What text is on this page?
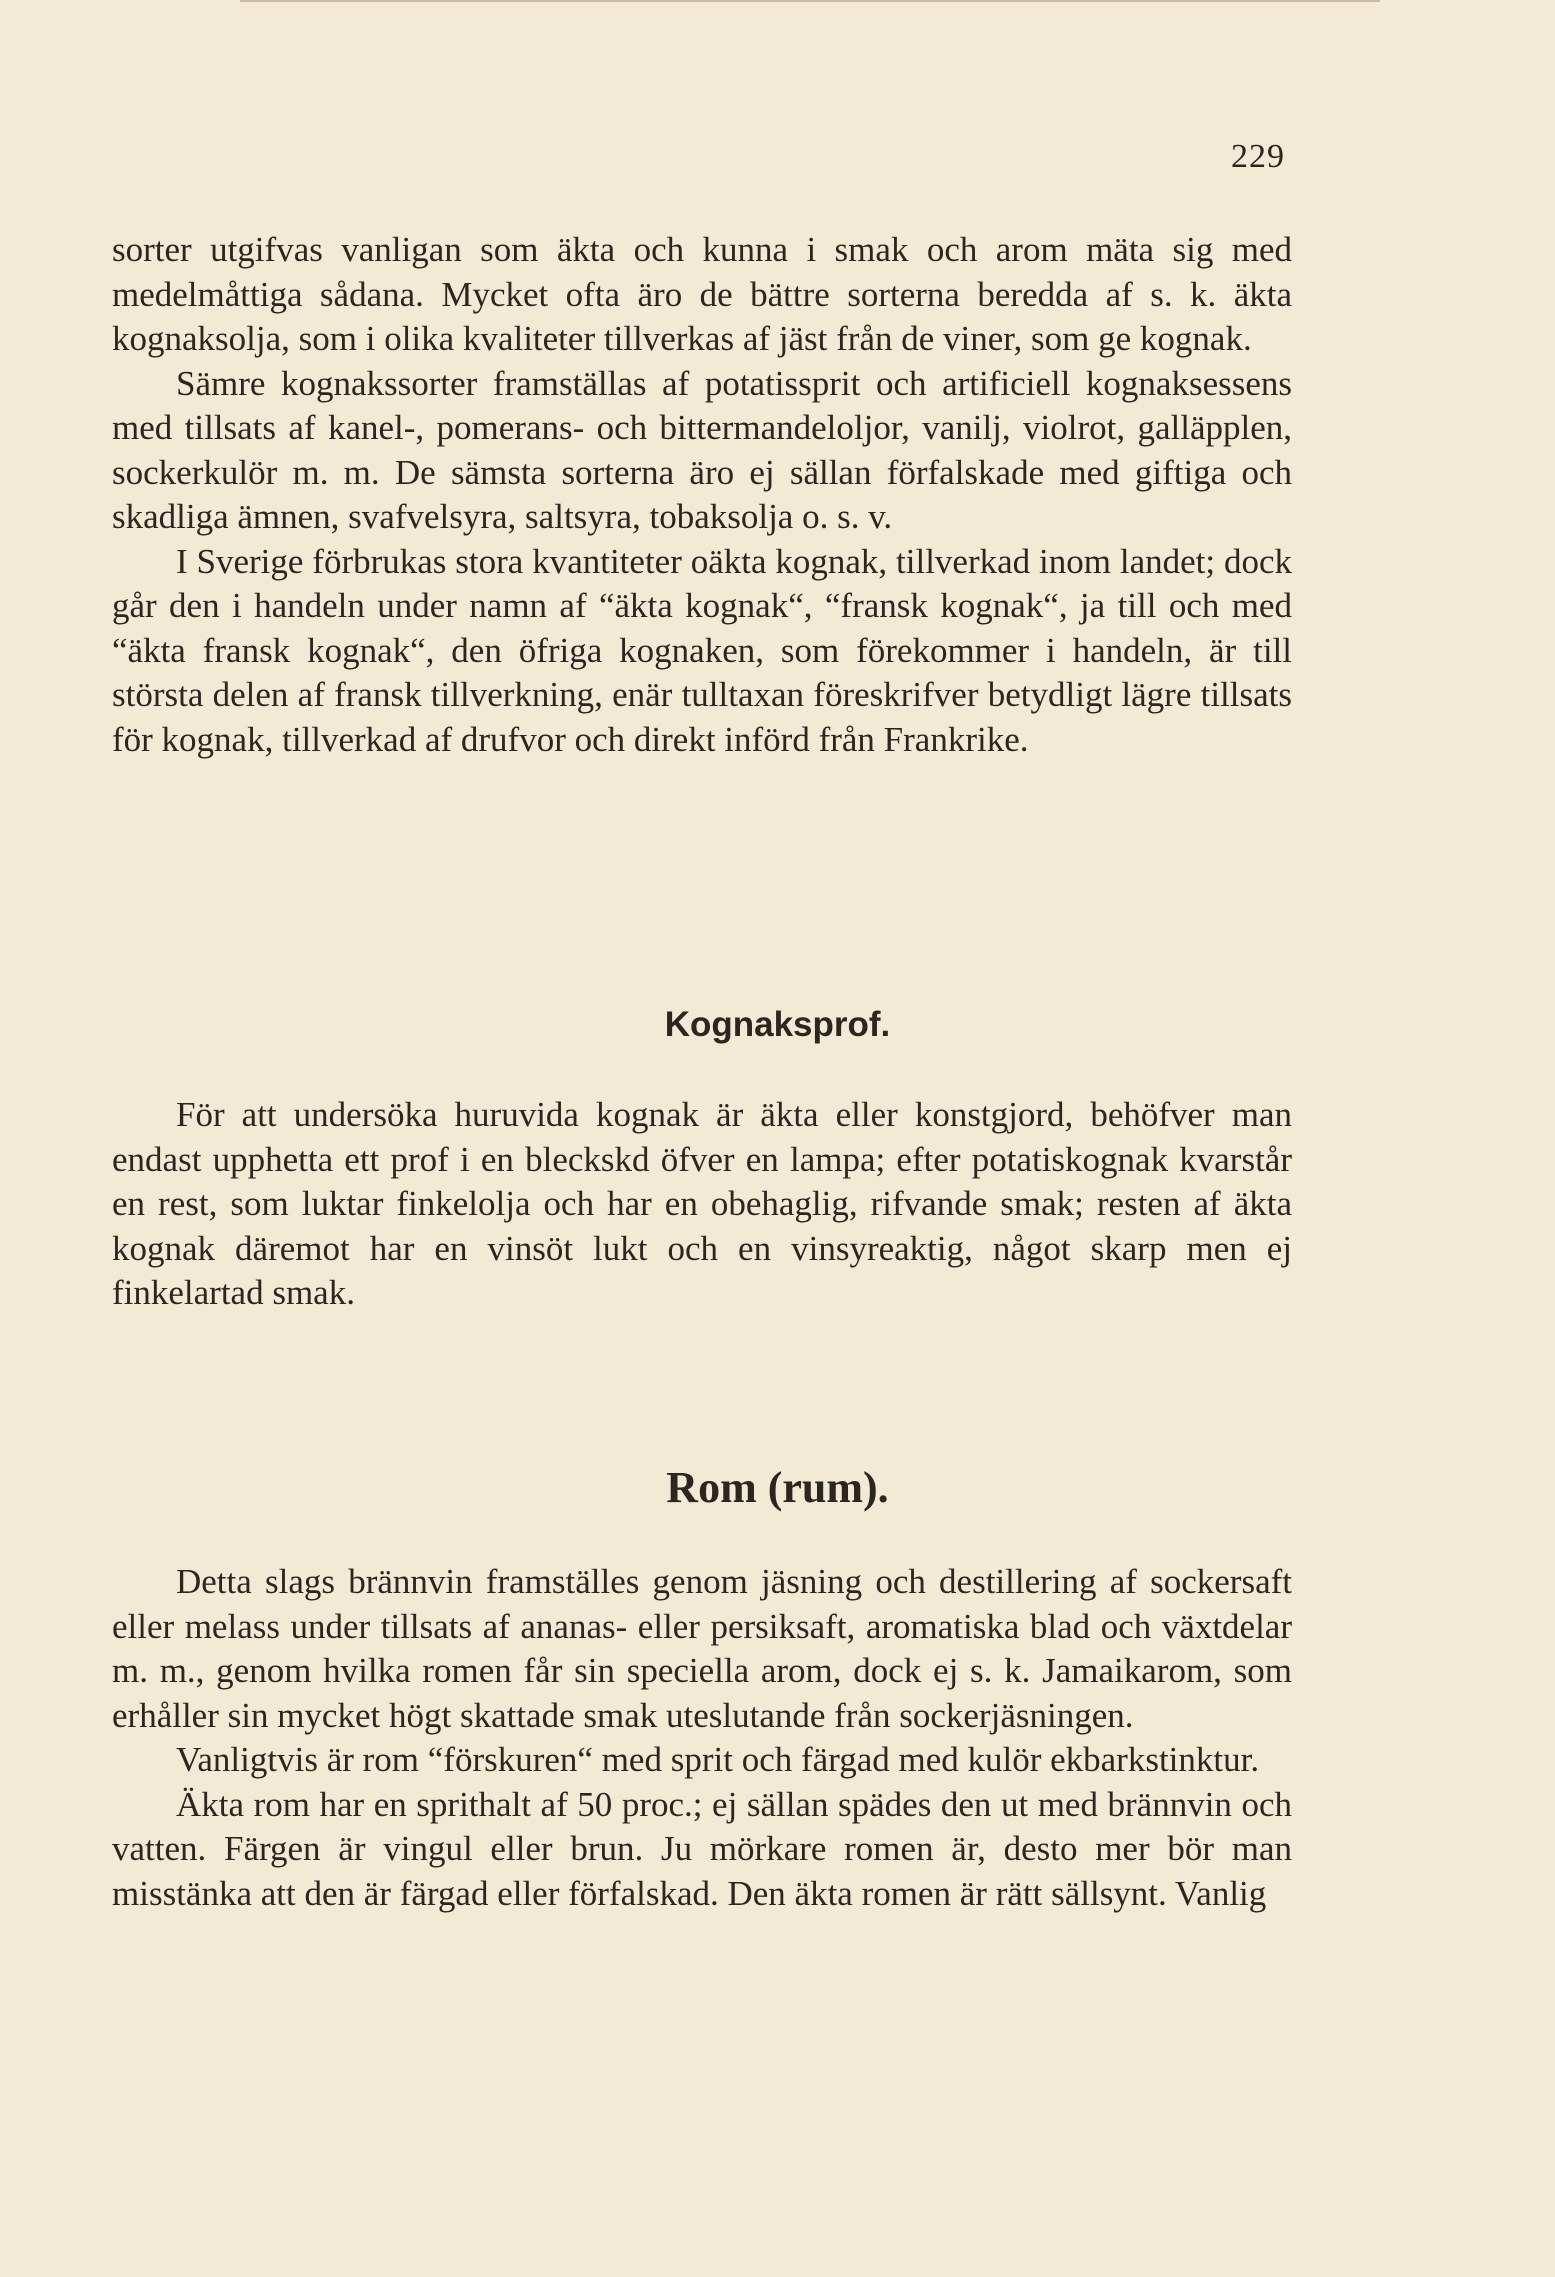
229

sorter utgifvas vanligan som äkta och kunna i smak och arom mäta sig med medelmåttiga sådana. Mycket ofta äro de bättre sorterna beredda af s. k. äkta kognaksolja, som i olika kvaliteter tillverkas af jäst från de viner, som ge kognak.

Sämre kognakssorter framställas af potatissprit och artificiell kognaksessens med tillsats af kanel-, pomerans- och bittermandeloljor, vanilj, violrot, galläpplen, sockerkulör m. m. De sämsta sorterna äro ej sällan förfalskade med giftiga och skadliga ämnen, svafvelsyra, saltsyra, tobaksolja o. s. v.

I Sverige förbrukas stora kvantiteter oäkta kognak, tillverkad inom landet; dock går den i handeln under namn af “äkta kognak“, “fransk kognak“, ja till och med “äkta fransk kognak“, den öfriga kognaken, som förekommer i handeln, är till största delen af fransk tillverkning, enär tulltaxan föreskrifver betydligt lägre tillsats för kognak, tillverkad af drufvor och direkt införd från Frankrike.

Kognaksprof.

För att undersöka huruvida kognak är äkta eller konstgjord, behöfver man endast upphetta ett prof i en bleckskd öfver en lampa; efter potatiskognak kvarstår en rest, som luktar finkelolja och har en obehaglig, rifvande smak; resten af äkta kognak däremot har en vinsöt lukt och en vinsyreaktig, något skarp men ej finkelartad smak.

Rom (rum).

Detta slags brännvin framställes genom jäsning och destillering af sockersaft eller melass under tillsats af ananas- eller persiksaft, aromatiska blad och växtdelar m. m., genom hvilka romen får sin speciella arom, dock ej s. k. Jamaikarom, som erhåller sin mycket högt skattade smak uteslutande från sockerjäsningen.

Vanligtvis är rom “förskuren“ med sprit och färgad med kulör ekbarkstinktur.

Äkta rom har en sprithalt af 50 proc.; ej sällan spädes den ut med brännvin och vatten. Färgen är vingul eller brun. Ju mörkare romen är, desto mer bör man misstänka att den är färgad eller förfalskad. Den äkta romen är rätt sällsynt. Vanlig
